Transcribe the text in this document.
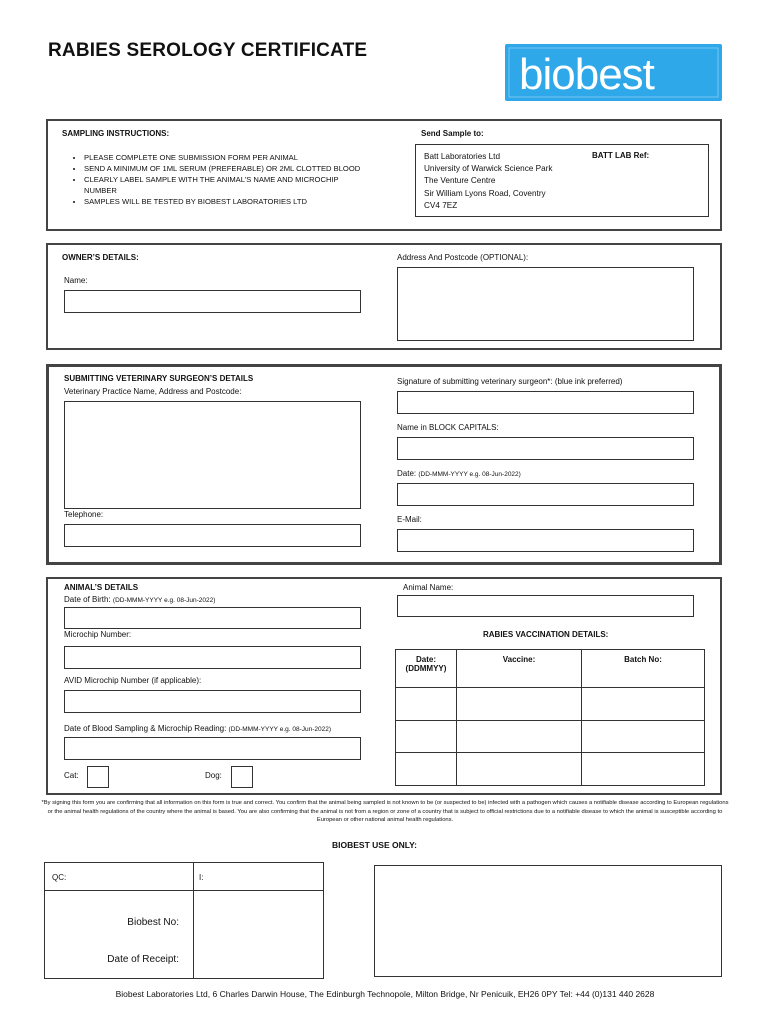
RABIES SEROLOGY CERTIFICATE	biobest
SAMPLING INSTRUCTIONS:
• PLEASE COMPLETE ONE SUBMISSION FORM PER ANIMAL
• SEND A MINIMUM OF 1ML SERUM (PREFERABLE) OR 2ML CLOTTED BLOOD
• CLEARLY LABEL SAMPLE WITH THE ANIMAL’S NAME AND MICROCHIP NUMBER
• SAMPLES WILL BE TESTED BY BIOBEST LABORATORIES LTD
Send Sample to:
Batt Laboratories Ltd
University of Warwick Science Park
The Venture Centre
Sir William Lyons Road, Coventry
CV4 7EZ
BATT LAB Ref:
OWNER’S DETAILS:
Name:
Address And Postcode (OPTIONAL):
SUBMITTING VETERINARY SURGEON’S DETAILS
Veterinary Practice Name, Address and Postcode:
Telephone:
Signature of submitting veterinary surgeon*: (blue ink preferred)
Name in BLOCK CAPITALS:
Date: (DD-MMM-YYYY e.g. 08-Jun-2022)
E-Mail:
ANIMAL’S DETAILS
Date of Birth: (DD-MMM-YYYY e.g. 08-Jun-2022)
Animal Name:
Microchip Number:
AVID Microchip Number (if applicable):
Date of Blood Sampling & Microchip Reading: (DD-MMM-YYYY e.g. 08-Jun-2022)
Cat:	Dog:
RABIES VACCINATION DETAILS:
Date: (DDMMYY)	Vaccine:	Batch No:

*By signing this form you are confirming that all information on this form is true and correct. You confirm that the animal being sampled is not known to be (or suspected to be) infected with a pathogen which causes a notifiable disease according to European regulations or the animal health regulations of the country where the animal is based. You are also confirming that the animal is not from a region or zone of a country that is subject to official restrictions due to a notifiable disease to which the animal is susceptible according to European or other national animal health regulations.
BIOBEST USE ONLY:
QC:	I:

Biobest No:
Date of Receipt:	

Biobest Laboratories Ltd, 6 Charles Darwin House, The Edinburgh Technopole, Milton Bridge, Nr Penicuik, EH26 0PY Tel: +44 (0)131 440 2628
